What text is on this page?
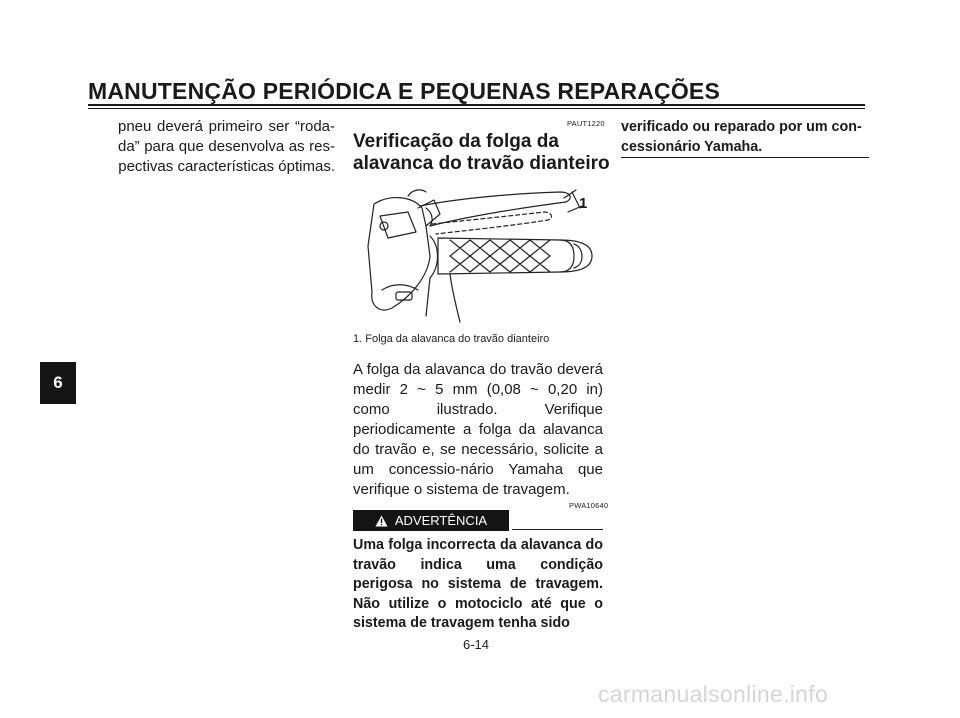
MANUTENÇÃO PERIÓDICA E PEQUENAS REPARAÇÕES
6
pneu deverá primeiro ser “roda-da” para que desenvolva as res-pectivas características óptimas.
PAUT1220
Verificação da folga da alavanca do travão dianteiro
1
1. Folga da alavanca do travão dianteiro
A folga da alavanca do travão deverá medir 2 ~ 5 mm (0,08 ~ 0,20 in) como ilustrado. Verifique periodicamente a folga da alavanca do travão e, se necessário, solicite a um concessio-nário Yamaha que verifique o sistema de travagem.
PWA10640
ADVERTÊNCIA
Uma folga incorrecta da alavanca do travão indica uma condição perigosa no sistema de travagem. Não utilize o motociclo até que o sistema de travagem tenha sido
verificado ou reparado por um con-cessionário Yamaha.
6-14
carmanualsonline.info
